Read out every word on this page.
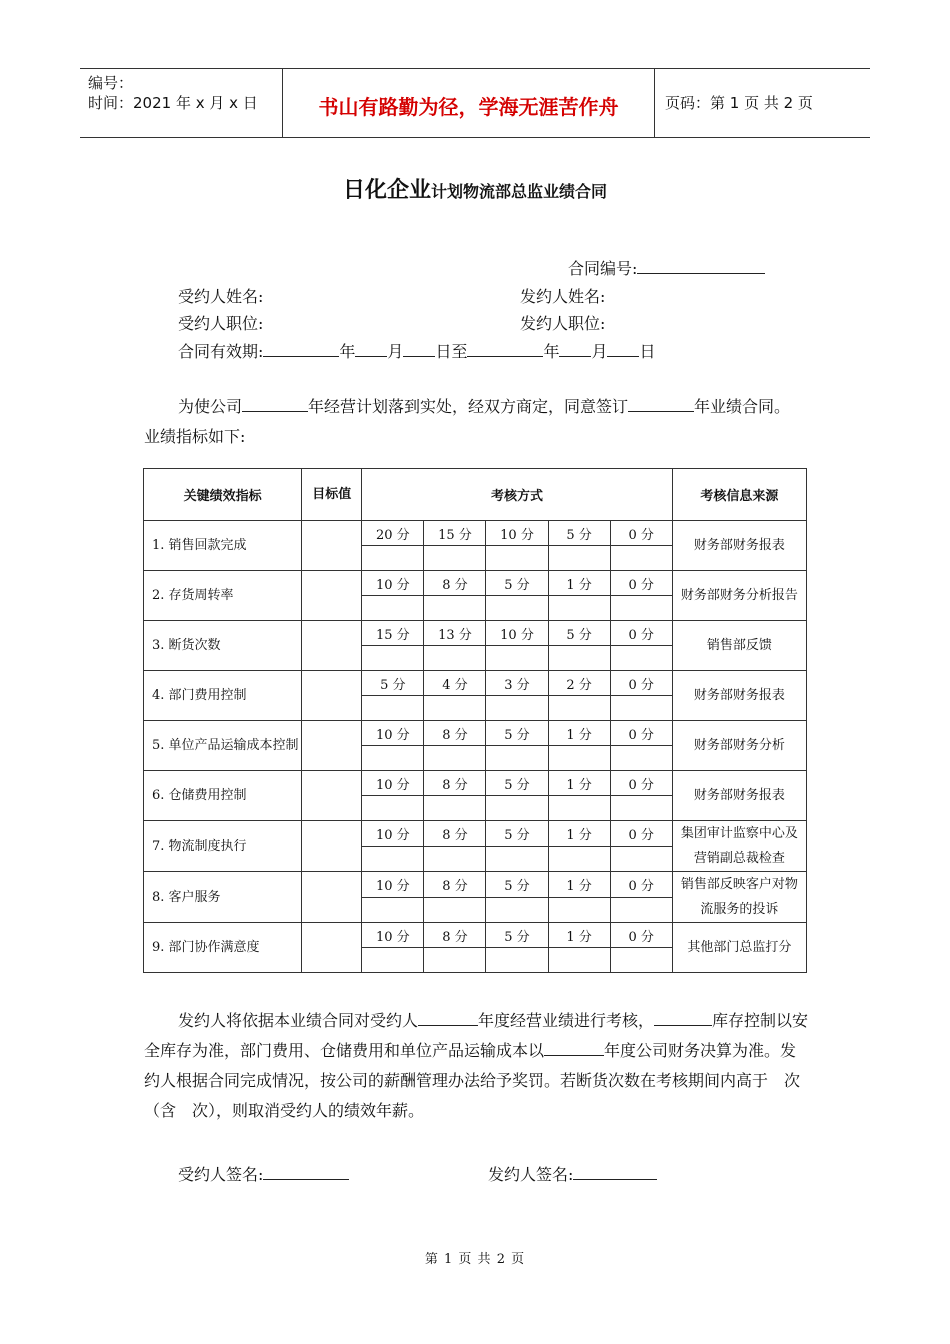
编号：
时间：2021 年 x 月 x 日	书山有路勤为径，学海无涯苦作舟	页码：第 1 页 共 2 页
日化企业计划物流部总监业绩合同
合同编号:
受约人姓名:	发约人姓名:
受约人职位:	发约人职位:
合同有效期:	年 月 日至	年 月 日
为使公司	年经营计划落到实处，经双方商定，同意签订	年业绩合同。
业绩指标如下:
关键绩效指标	目标值	考核方式					考核信息来源
1. 销售回款完成		20 分	15 分	10 分	5 分	0 分	财务部财务报表

2. 存货周转率		10 分	8 分	5 分	1 分	0 分	财务部财务分析报告

3. 断货次数		15 分	13 分	10 分	5 分	0 分	销售部反馈

4. 部门费用控制		5 分	4 分	3 分	2 分	0 分	财务部财务报表

5. 单位产品运输成本控制		10 分	8 分	5 分	1 分	0 分	财务部财务分析

6. 仓储费用控制		10 分	8 分	5 分	1 分	0 分	财务部财务报表

7. 物流制度执行		10 分	8 分	5 分	1 分	0 分	集团审计监察中心及营销副总裁检查

8. 客户服务		10 分	8 分	5 分	1 分	0 分	销售部反映客户对物流服务的投诉

9. 部门协作满意度		10 分	8 分	5 分	1 分	0 分	其他部门总监打分

发约人将依据本业绩合同对受约人	年度经营业绩进行考核，	库存控制以安全库存为准，部门费用、仓储费用和单位产品运输成本以	年度公司财务决算为准。发约人根据合同完成情况，按公司的薪酬管理办法给予奖罚。若断货次数在考核期间内高于　次（含　次），则取消受约人的绩效年薪。
受约人签名:	发约人签名:
第 1 页 共 2 页
